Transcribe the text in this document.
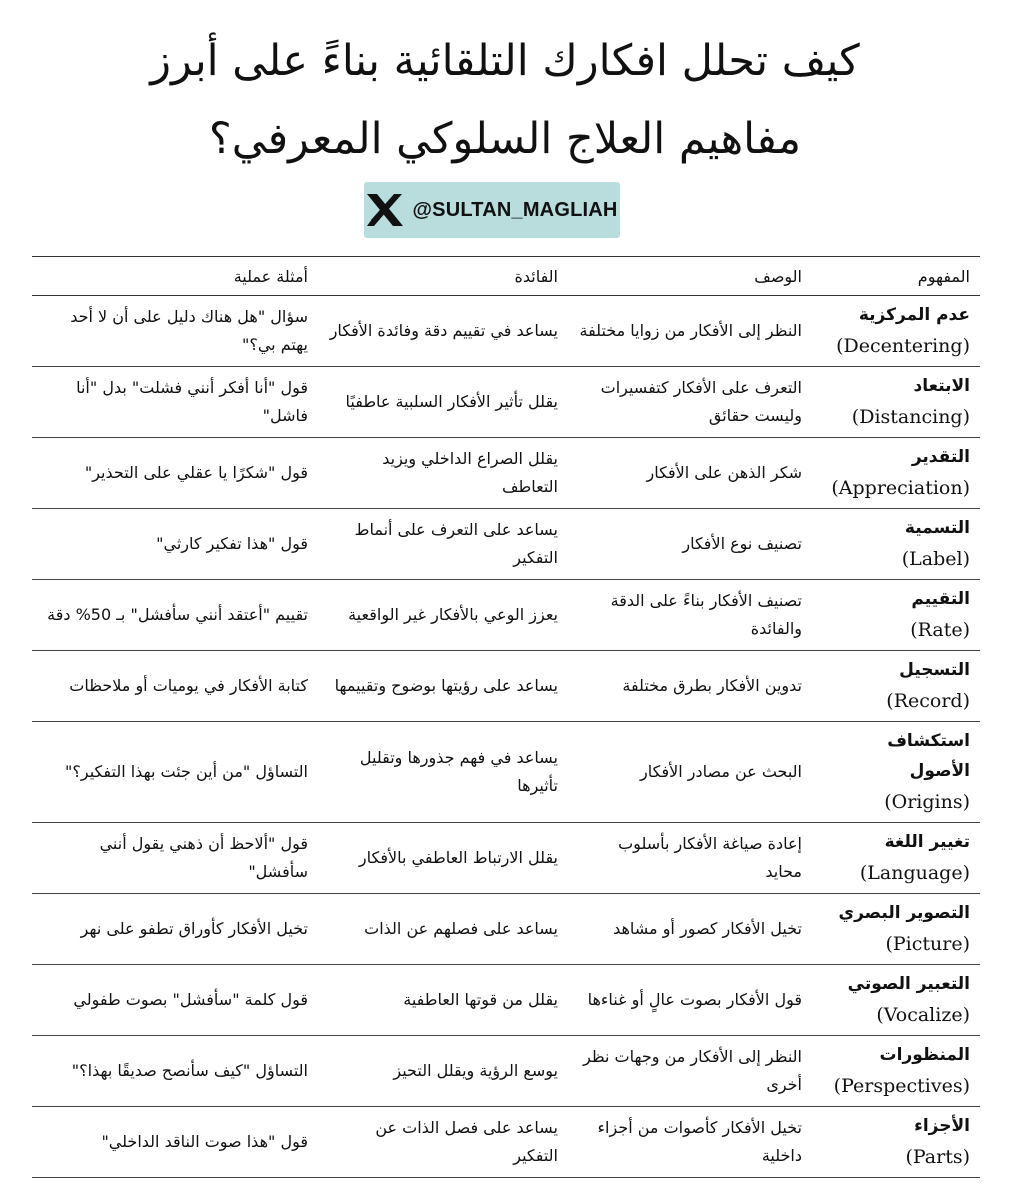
كيف تحلل افكارك التلقائية بناءً على أبرز
مفاهيم العلاج السلوكي المعرفي؟
@SULTAN_MAGLIAH
المفهوم	الوصف	الفائدة	أمثلة عملية

عدم المركزية
(Decentering)	النظر إلى الأفكار من زوايا مختلفة	يساعد في تقييم دقة وفائدة الأفكار	سؤال "هل هناك دليل على أن لا أحد يهتم بي؟"

الابتعاد
(Distancing)	التعرف على الأفكار كتفسيرات وليست حقائق	يقلل تأثير الأفكار السلبية عاطفيًا	قول "أنا أفكر أنني فشلت" بدل "أنا فاشل"

التقدير
(Appreciation)	شكر الذهن على الأفكار	يقلل الصراع الداخلي ويزيد التعاطف	قول "شكرًا يا عقلي على التحذير"

التسمية
(Label)	تصنيف نوع الأفكار	يساعد على التعرف على أنماط التفكير	قول "هذا تفكير كارثي"

التقييم
(Rate)	تصنيف الأفكار بناءً على الدقة والفائدة	يعزز الوعي بالأفكار غير الواقعية	تقييم "أعتقد أنني سأفشل" بـ 50% دقة

التسجيل
(Record)	تدوين الأفكار بطرق مختلفة	يساعد على رؤيتها بوضوح وتقييمها	كتابة الأفكار في يوميات أو ملاحظات

استكشاف الأصول
(Origins)	البحث عن مصادر الأفكار	يساعد في فهم جذورها وتقليل تأثيرها	التساؤل "من أين جئت بهذا التفكير؟"

تغيير اللغة
(Language)	إعادة صياغة الأفكار بأسلوب محايد	يقلل الارتباط العاطفي بالأفكار	قول "ألاحظ أن ذهني يقول أنني سأفشل"

التصوير البصري
(Picture)	تخيل الأفكار كصور أو مشاهد	يساعد على فصلهم عن الذات	تخيل الأفكار كأوراق تطفو على نهر

التعبير الصوتي
(Vocalize)	قول الأفكار بصوت عالٍ أو غناءها	يقلل من قوتها العاطفية	قول كلمة "سأفشل" بصوت طفولي

المنظورات
(Perspectives)	النظر إلى الأفكار من وجهات نظر أخرى	يوسع الرؤية ويقلل التحيز	التساؤل "كيف سأنصح صديقًا بهذا؟"

الأجزاء
(Parts)	تخيل الأفكار كأصوات من أجزاء داخلية	يساعد على فصل الذات عن التفكير	قول "هذا صوت الناقد الداخلي"
